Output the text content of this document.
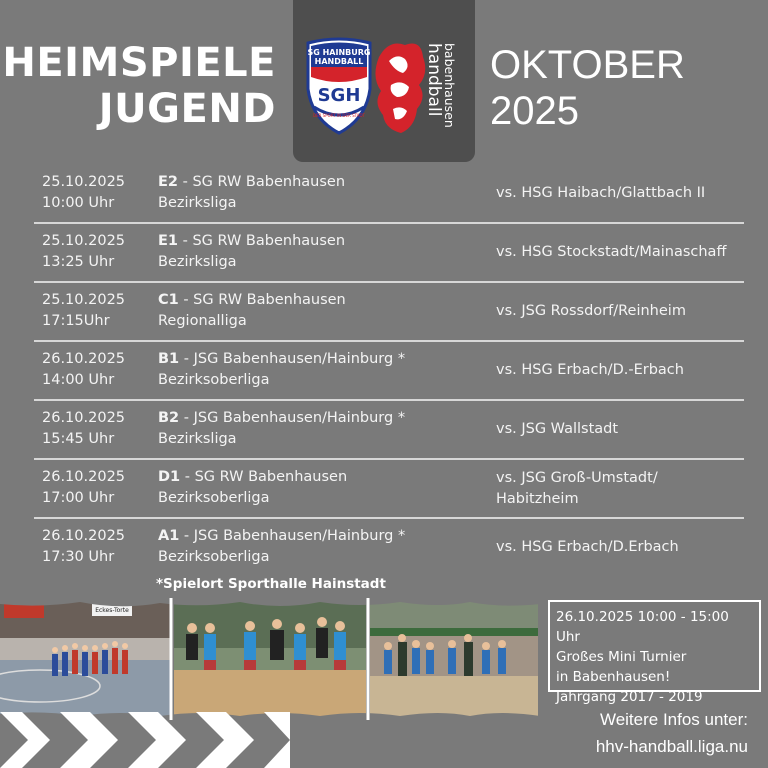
HEIMSPIELE
JUGEND
OKTOBER
2025
SG HAINBURG
HANDBALL
SGH
DER SPORT IN DER STADT	handball
babenhausen
25.10.2025
10:00 Uhr
E2 - SG RW Babenhausen
Bezirksliga
vs. HSG Haibach/Glattbach II
25.10.2025
13:25 Uhr
E1 - SG RW Babenhausen
Bezirksliga
vs. HSG Stockstadt/Mainaschaff
25.10.2025
17:15Uhr
C1 - SG RW Babenhausen
Regionalliga
vs. JSG Rossdorf/Reinheim
26.10.2025
14:00 Uhr
B1 - JSG Babenhausen/Hainburg *
Bezirksoberliga
vs. HSG Erbach/D.-Erbach
26.10.2025
15:45 Uhr
B2 - JSG Babenhausen/Hainburg *
Bezirksliga
vs. JSG Wallstadt
26.10.2025
17:00 Uhr
D1 - SG RW Babenhausen
Bezirksoberliga
vs. JSG Groß-Umstadt/ Habitzheim
26.10.2025
17:30 Uhr
A1 - JSG Babenhausen/Hainburg *
Bezirksoberliga
vs. HSG Erbach/D.Erbach
*Spielort Sporthalle Hainstadt
Eckes-Torte	26.10.2025 10:00 - 15:00 Uhr
Großes Mini Turnier
in Babenhausen!
Jahrgang 2017 - 2019
Weitere Infos unter:
hhv-handball.liga.nu
